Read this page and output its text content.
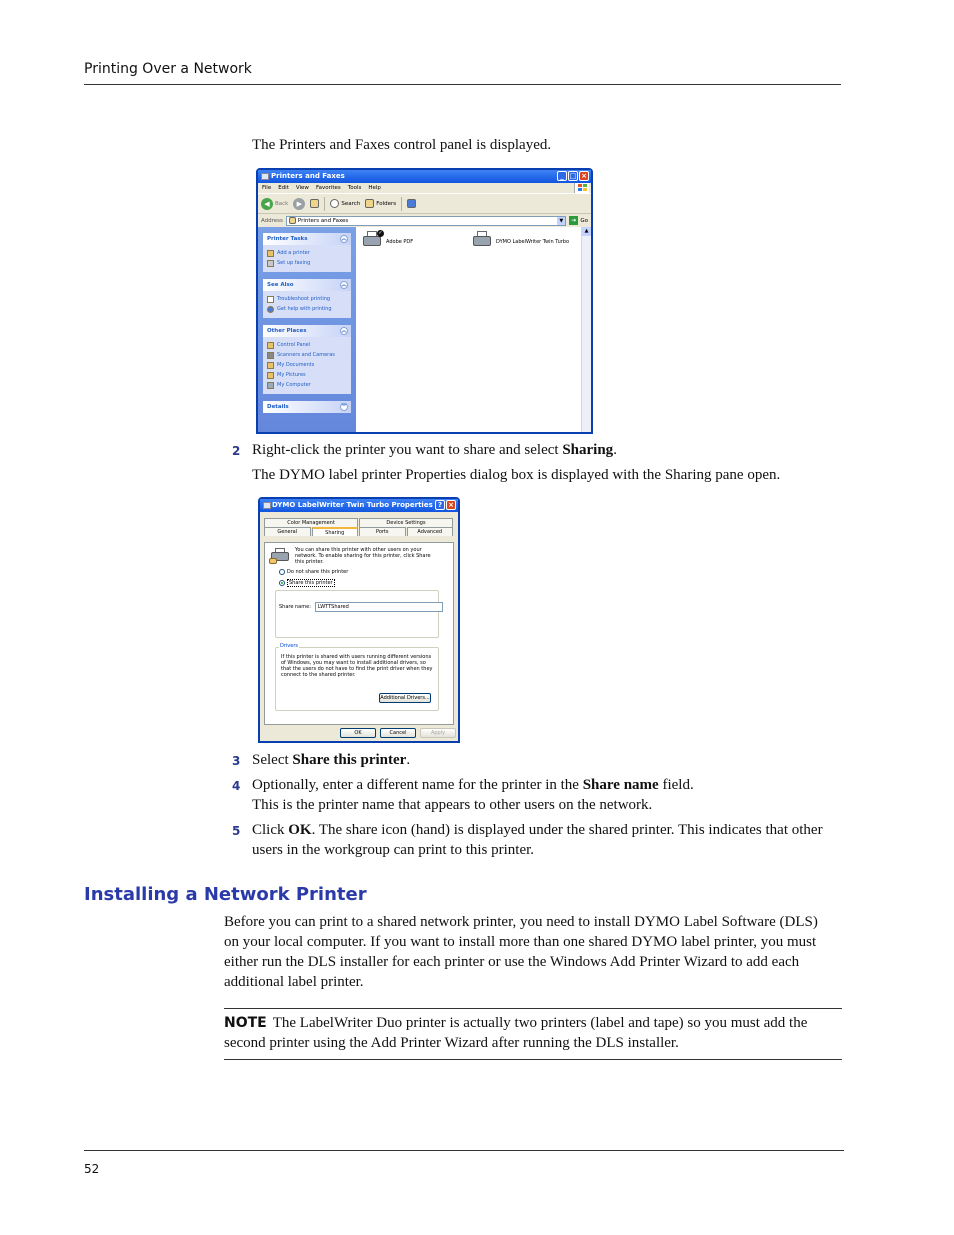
Printing Over a Network
The Printers and Faxes control panel is displayed.
Printers and Faxes	_ □ ×
File Edit View Favorites Tools Help
◀ Back	▶	Search	Folders
Address	Printers and Faxes	▼	➔ Go
Printer Tasks	︽
Add a printer
Set up faxing
See Also	︽
Troubleshoot printing
Get help with printing
Other Places	︽
Control Panel
Scanners and Cameras
My Documents
My Pictures
My Computer
Details	︾
✓
Adobe PDF	DYMO LabelWriter Twin Turbo
▲
2 Right-click the printer you want to share and select Sharing.
The DYMO label printer Properties dialog box is displayed with the Sharing pane open.
DYMO LabelWriter Twin Turbo Properties ? ×
Color Management	Device Settings
General	Sharing	Ports	Advanced
You can share this printer with other users on your network. To enable sharing for this printer, click Share this printer.
Do not share this printer
Share this printer
Share name:	LWTTShared
Drivers
If this printer is shared with users running different versions of Windows, you may want to install additional drivers, so that the users do not have to find the print driver when they connect to the shared printer.
Additional Drivers...
OK	Cancel	Apply
3 Select Share this printer.
4 Optionally, enter a different name for the printer in the Share name field.
This is the printer name that appears to other users on the network.
5 Click OK. The share icon (hand) is displayed under the shared printer. This indicates that other
users in the workgroup can print to this printer.
Installing a Network Printer
Before you can print to a shared network printer, you need to install DYMO Label Software (DLS)
on your local computer. If you want to install more than one shared DYMO label printer, you must
either run the DLS installer for each printer or use the Windows Add Printer Wizard to add each
additional label printer.
NOTE The LabelWriter Duo printer is actually two printers (label and tape) so you must add the
second printer using the Add Printer Wizard after running the DLS installer.
52
